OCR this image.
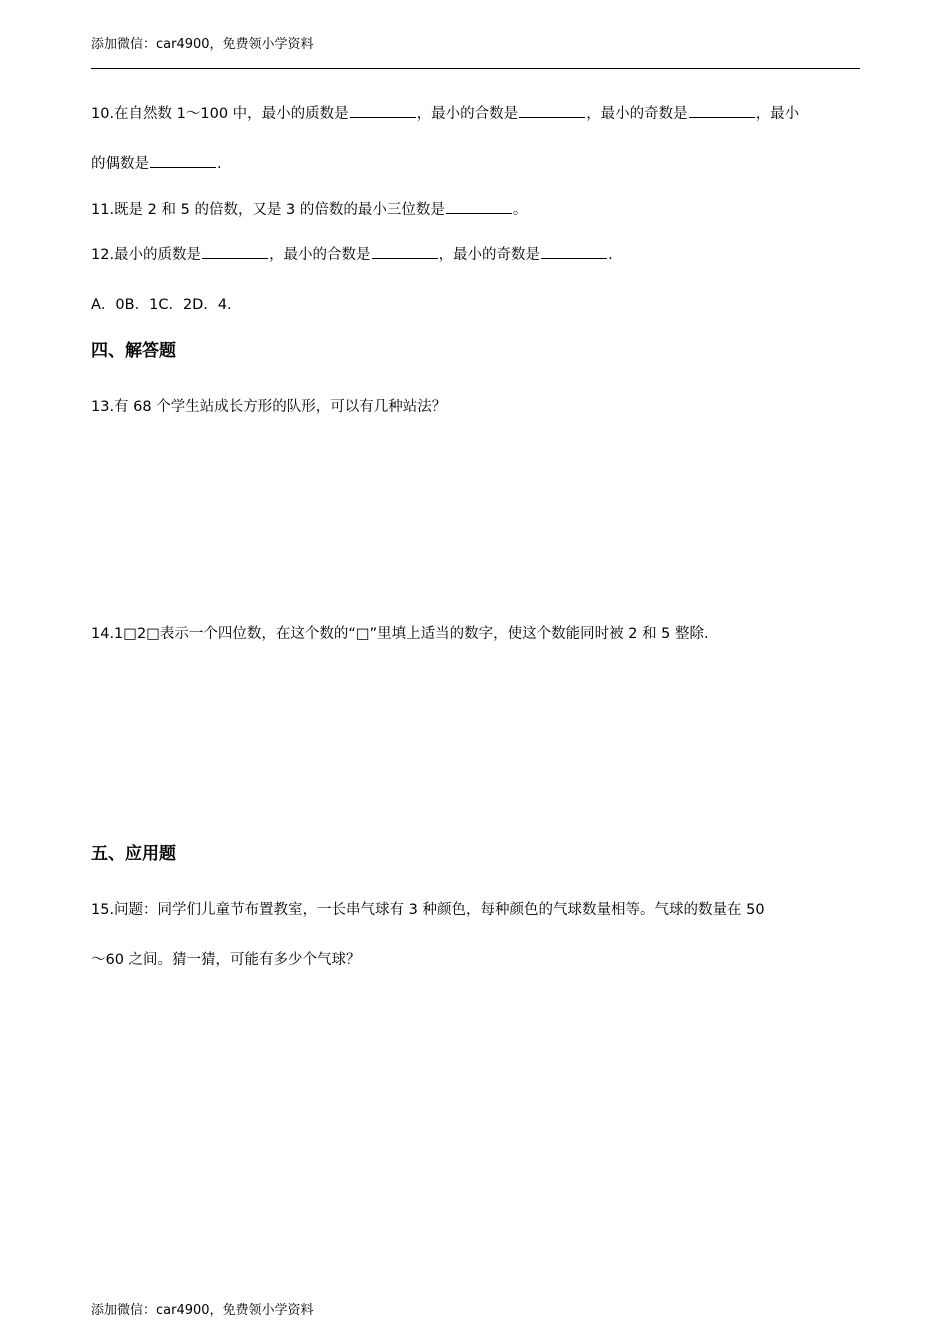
添加微信：car4900，免费领小学资料
10.在自然数 1～100 中，最小的质数是	，最小的合数是	，最小的奇数是	，最小
的偶数是	.
11.既是 2 和 5 的倍数，又是 3 的倍数的最小三位数是	。
12.最小的质数是	，最小的合数是	，最小的奇数是	.
A．0B．1C．2D．4．
四、解答题
13.有 68 个学生站成长方形的队形，可以有几种站法？
14.1□2□表示一个四位数，在这个数的“□”里填上适当的数字，使这个数能同时被 2 和 5 整除.
五、应用题
15.问题：同学们儿童节布置教室，一长串气球有 3 种颜色，每种颜色的气球数量相等。气球的数量在 50
～60 之间。猜一猜，可能有多少个气球？
添加微信：car4900，免费领小学资料
